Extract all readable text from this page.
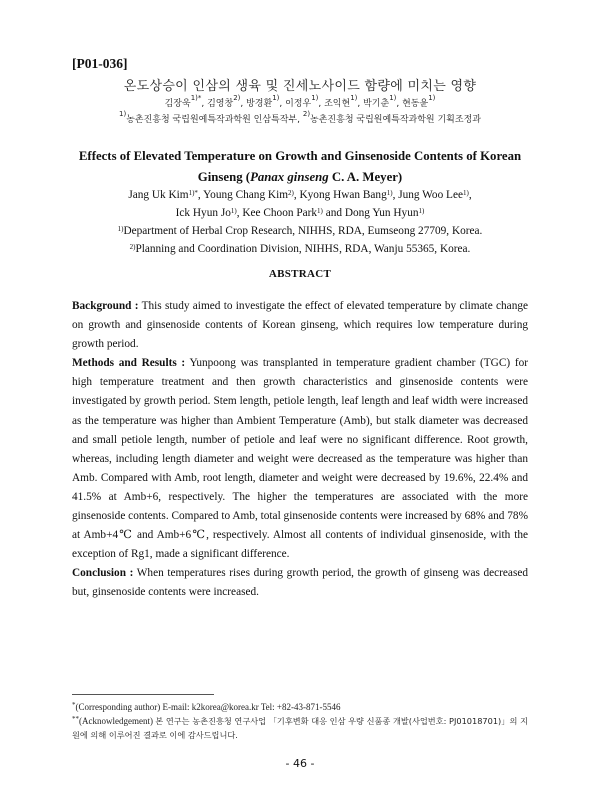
[P01-036]
온도상승이 인삼의 생육 및 진세노사이드 함량에 미치는 영향
김장욱$^{1)*}$, 김영창$^{2)}$, 방경환$^{1)}$, 이정우$^{1)}$, 조익현$^{1)}$, 박기춘$^{1)}$, 현동윤$^{1)}$
$^{1)}$농촌진흥청 국립원예특작과학원 인삼특작부, $^{2)}$농촌진흥청 국립원예특작과학원 기획조정과
Effects of Elevated Temperature on Growth and Ginsenoside Contents of Korean
Ginseng (Panax ginseng C. A. Meyer)
Jang Uk Kim$^{1)*}$, Young Chang Kim$^{2)}$, Kyong Hwan Bang$^{1)}$, Jung Woo Lee$^{1)}$,
Ick Hyun Jo$^{1)}$, Kee Choon Park$^{1)}$ and Dong Yun Hyun$^{1)}$
$^{1)}$Department of Herbal Crop Research, NIHHS, RDA, Eumseong 27709, Korea.
$^{2)}$Planning and Coordination Division, NIHHS, RDA, Wanju 55365, Korea.
ABSTRACT

Background : This study aimed to investigate the effect of elevated temperature by climate change on growth and ginsenoside contents of Korean ginseng, which requires low temperature during growth period.

Methods and Results : Yunpoong was transplanted in temperature gradient chamber (TGC) for high temperature treatment and then growth characteristics and ginsenoside contents were investigated by growth period. Stem length, petiole length, leaf length and leaf width were increased as the temperature was higher than Ambient Temperature (Amb), but stalk diameter was decreased and small petiole length, number of petiole and leaf were no significant difference. Root growth, whereas, including length diameter and weight were decreased as the temperature was higher than Amb. Compared with Amb, root length, diameter and weight were decreased by 19.6%, 22.4% and 41.5% at Amb+6, respectively. The higher the temperatures are associated with the more ginsenoside contents. Compared to Amb, total ginsenoside contents were increased by 68% and 78% at Amb+4℃ and Amb+6℃, respectively. Almost all contents of individual ginsenoside, with the exception of Rg1, made a significant difference.

Conclusion : When temperatures rises during growth period, the growth of ginseng was decreased but, ginsenoside contents were increased.

*(Corresponding author) E-mail: k2korea@korea.kr Tel: +82-43-871-5546
**(Acknowledgement) 본 연구는 농촌진흥청 연구사업 「기후변화 대응 인삼 우량 신품종 개발(사업번호: PJ01018701)」의 지원에 의해 이루어진 결과로 이에 감사드립니다.
- 46 -
